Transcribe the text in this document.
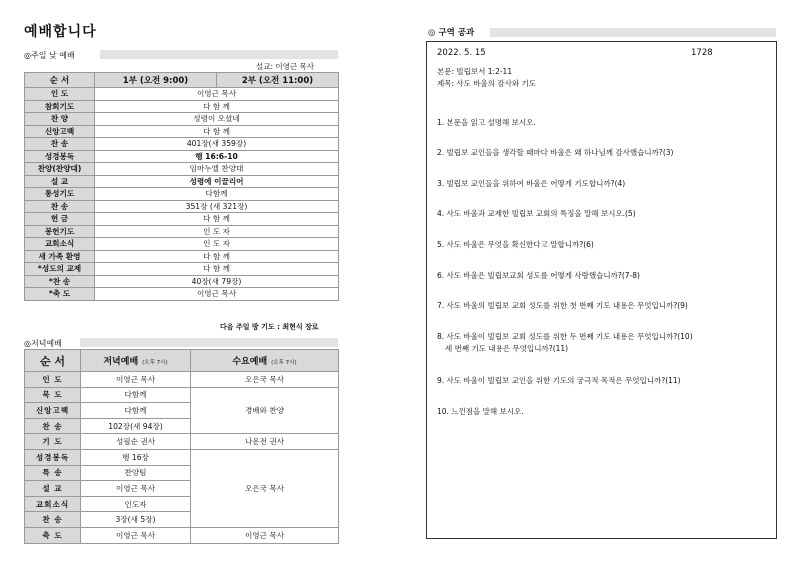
예배합니다
◎주일 낮 예배
설교: 이영근 목사
순 서	1부 (오전 9:00)	2부 (오전 11:00)
인 도	이영근 목사	
참회기도	다 함 께	
찬 양	성령이 오셨네	
신앙고백	다 함 께	
찬 송	401장(새 359장)	
성경봉독	행 16:6-10	
찬양(찬양대)	임마누엘 찬양대	
설 교	성령에 이끌리어	
통성기도	다함께	
찬 송	351장 (새 321장)	
헌 금	다 함 께	
봉헌기도	인 도 자	
교회소식	인 도 자	
새 가족 환영	다 함 께	
*성도의 교제	다 함 께	
*찬 송	40장(새 79장)	
*축 도	이영근 목사	
다음 주일 방 기도 : 최현식 장로
◎저녁예배
순 서	저녁예배 (오후 7시)	수요예배 (오후 7시)
인 도	이영근 목사	오은국 목사
묵 도	다함께	경배와 찬양
신앙고백	다함께	
찬 송	102장(새 94장)	
기 도	성필순 권사	나운전 권사
성경봉독	행 16장	오은국 목사
특 송	찬양팀	
설 교	이영근 목사	
교회소식	인도자	
찬 송	3장(새 5장)	
축 도	이영근 목사	이영근 목사
◎ 구역 공과
2022. 5. 15	1728
본문: 빌립보서 1:2-11
제목: 사도 바울의 감사와 기도
1. 본문을 읽고 설명해 보시오.
2. 빌립보 교인들을 생각할 때마다 바울은 왜 하나님께 감사했습니까?(3)
3. 빌립보 교인들을 위하여 바울은 어떻게 기도합니까?(4)
4. 사도 바울과 교제한 빌립보 교회의 특징을 말해 보시오.(5)
5. 사도 바울은 무엇을 확신한다고 말합니까?(6)
6. 사도 바울은 빌립보교회 성도를 어떻게 사랑했습니까?(7-8)
7. 사도 바울의 빌립보 교회 성도를 위한 첫 번째 기도 내용은 무엇입니까?(9)
8. 사도 바울이 빌립보 교회 성도를 위한 두 번째 기도 내용은 무엇입니까?(10)
세 번째 기도 내용은 무엇입니까?(11)
9. 사도 바울이 빌립보 교인을 위한 기도의 궁극적 목적은 무엇입니까?(11)
10. 느낀점을 말해 보시오.
